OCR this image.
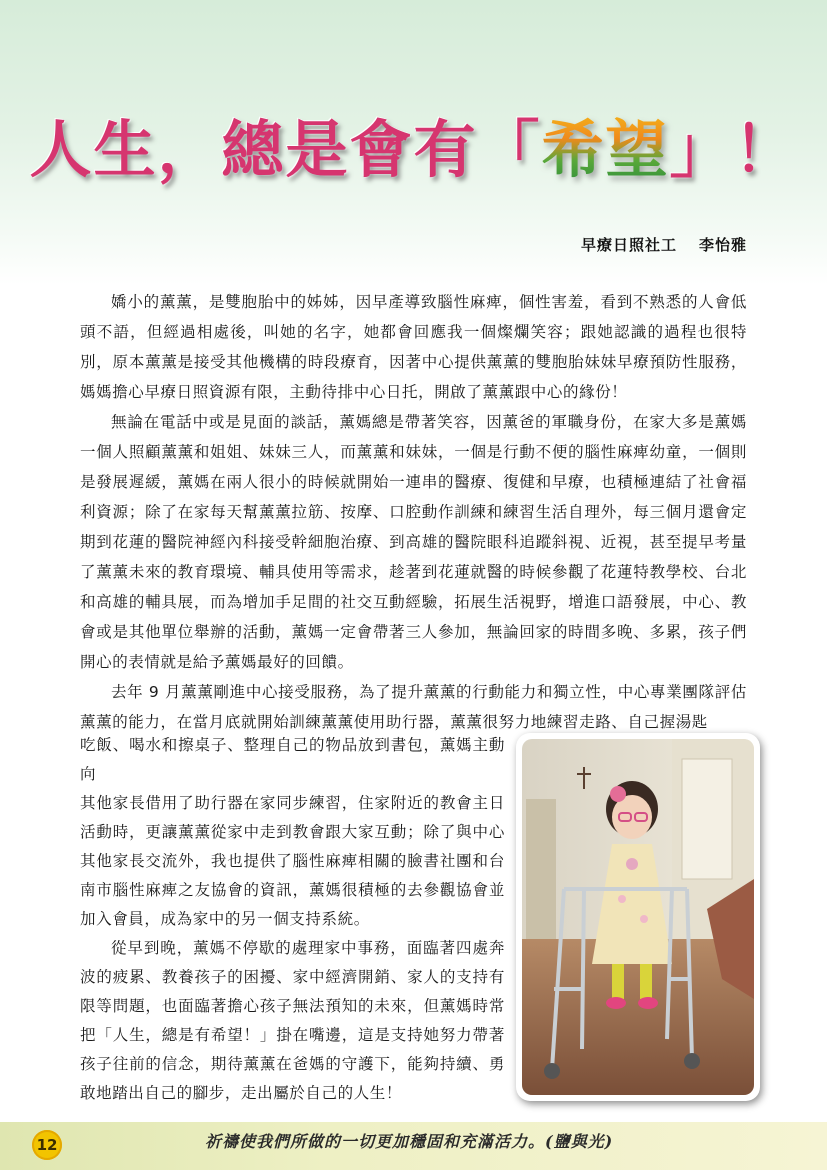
人生，總是會有「希望」！
早療日照社工 李怡雅

嬌小的薰薰，是雙胞胎中的姊姊，因早產導致腦性麻痺，個性害羞，看到不熟悉的人會低頭不語，但經過相處後，叫她的名字，她都會回應我一個燦爛笑容；跟她認識的過程也很特別，原本薰薰是接受其他機構的時段療育，因著中心提供薰薰的雙胞胎妹妹早療預防性服務，媽媽擔心早療日照資源有限，主動待排中心日托，開啟了薰薰跟中心的緣份！

無論在電話中或是見面的談話，薰媽總是帶著笑容，因薰爸的軍職身份，在家大多是薰媽一個人照顧薰薰和姐姐、妹妹三人，而薰薰和妹妹，一個是行動不便的腦性麻痺幼童，一個則是發展遲緩，薰媽在兩人很小的時候就開始一連串的醫療、復健和早療，也積極連結了社會福利資源；除了在家每天幫薰薰拉筋、按摩、口腔動作訓練和練習生活自理外，每三個月還會定期到花蓮的醫院神經內科接受幹細胞治療、到高雄的醫院眼科追蹤斜視、近視，甚至提早考量了薰薰未來的教育環境、輔具使用等需求，趁著到花蓮就醫的時候參觀了花蓮特教學校、台北和高雄的輔具展，而為增加手足間的社交互動經驗，拓展生活視野，增進口語發展，中心、教會或是其他單位舉辦的活動，薰媽一定會帶著三人參加，無論回家的時間多晚、多累，孩子們開心的表情就是給予薰媽最好的回饋。

去年 9 月薰薰剛進中心接受服務，為了提升薰薰的行動能力和獨立性，中心專業團隊評估薰薰的能力，在當月底就開始訓練薰薰使用助行器，薰薰很努力地練習走路、自己握湯匙

吃飯、喝水和擦桌子、整理自己的物品放到書包，薰媽主動向

其他家長借用了助行器在家同步練習，住家附近的教會主日活動時，更讓薰薰從家中走到教會跟大家互動；除了與中心其他家長交流外，我也提供了腦性麻痺相關的臉書社團和台南市腦性麻痺之友協會的資訊，薰媽很積極的去參觀協會並加入會員，成為家中的另一個支持系統。

從早到晚，薰媽不停歇的處理家中事務，面臨著四處奔波的疲累、教養孩子的困擾、家中經濟開銷、家人的支持有限等問題，也面臨著擔心孩子無法預知的未來，但薰媽時常把「人生，總是有希望！」掛在嘴邊，這是支持她努力帶著孩子往前的信念，期待薰薰在爸媽的守護下，能夠持續、勇敢地踏出自己的腳步，走出屬於自己的人生！

12	祈禱使我們所做的一切更加穩固和充滿活力。(鹽與光)
